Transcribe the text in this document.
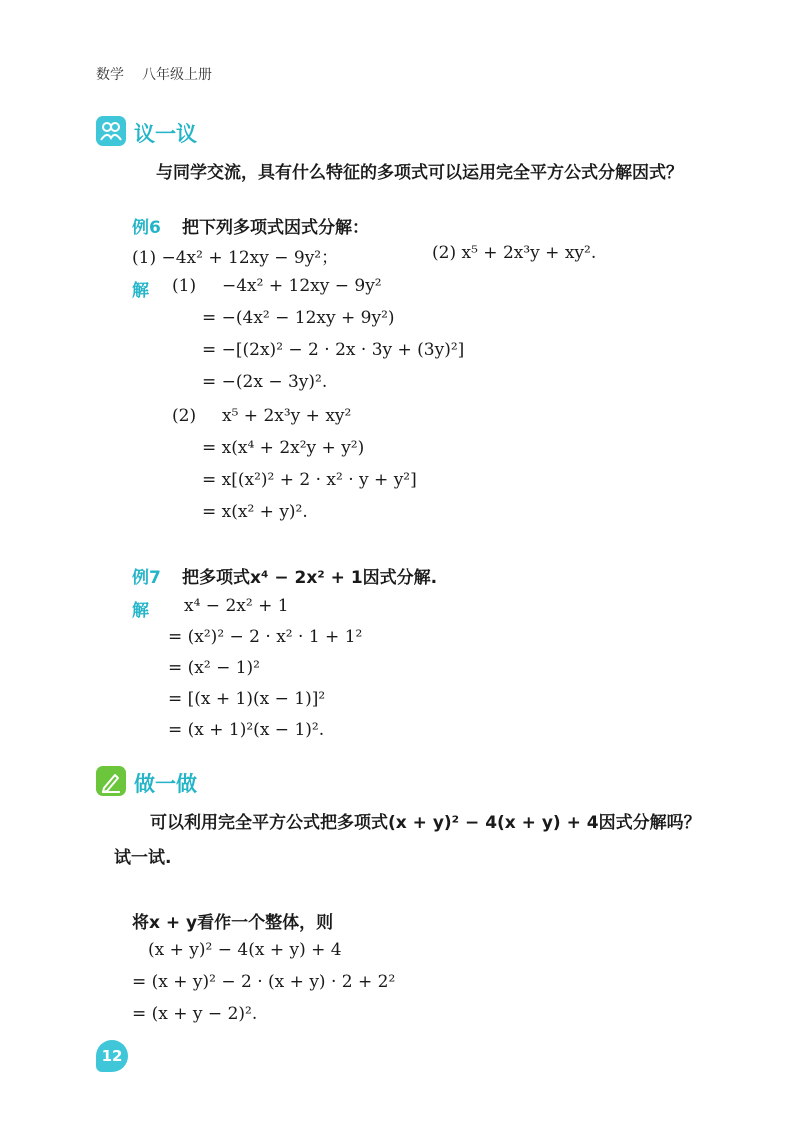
数学 八年级上册
议一议
与同学交流，具有什么特征的多项式可以运用完全平方公式分解因式？
例6 把下列多项式因式分解：
(1) −4x² + 12xy − 9y²；	(2) x⁵ + 2x³y + xy².
解 (1) −4x² + 12xy − 9y²
= −(4x² − 12xy + 9y²)
= −[(2x)² − 2 · 2x · 3y + (3y)²]
= −(2x − 3y)².
(2) x⁵ + 2x³y + xy²
= x(x⁴ + 2x²y + y²)
= x[(x²)² + 2 · x² · y + y²]
= x(x² + y)².
例7 把多项式x⁴ − 2x² + 1因式分解.
解 x⁴ − 2x² + 1
= (x²)² − 2 · x² · 1 + 1²
= (x² − 1)²
= [(x + 1)(x − 1)]²
= (x + 1)²(x − 1)².
做一做
可以利用完全平方公式把多项式(x + y)² − 4(x + y) + 4因式分解吗？
试一试.
将x + y看作一个整体，则
(x + y)² − 4(x + y) + 4
= (x + y)² − 2 · (x + y) · 2 + 2²
= (x + y − 2)².
12
